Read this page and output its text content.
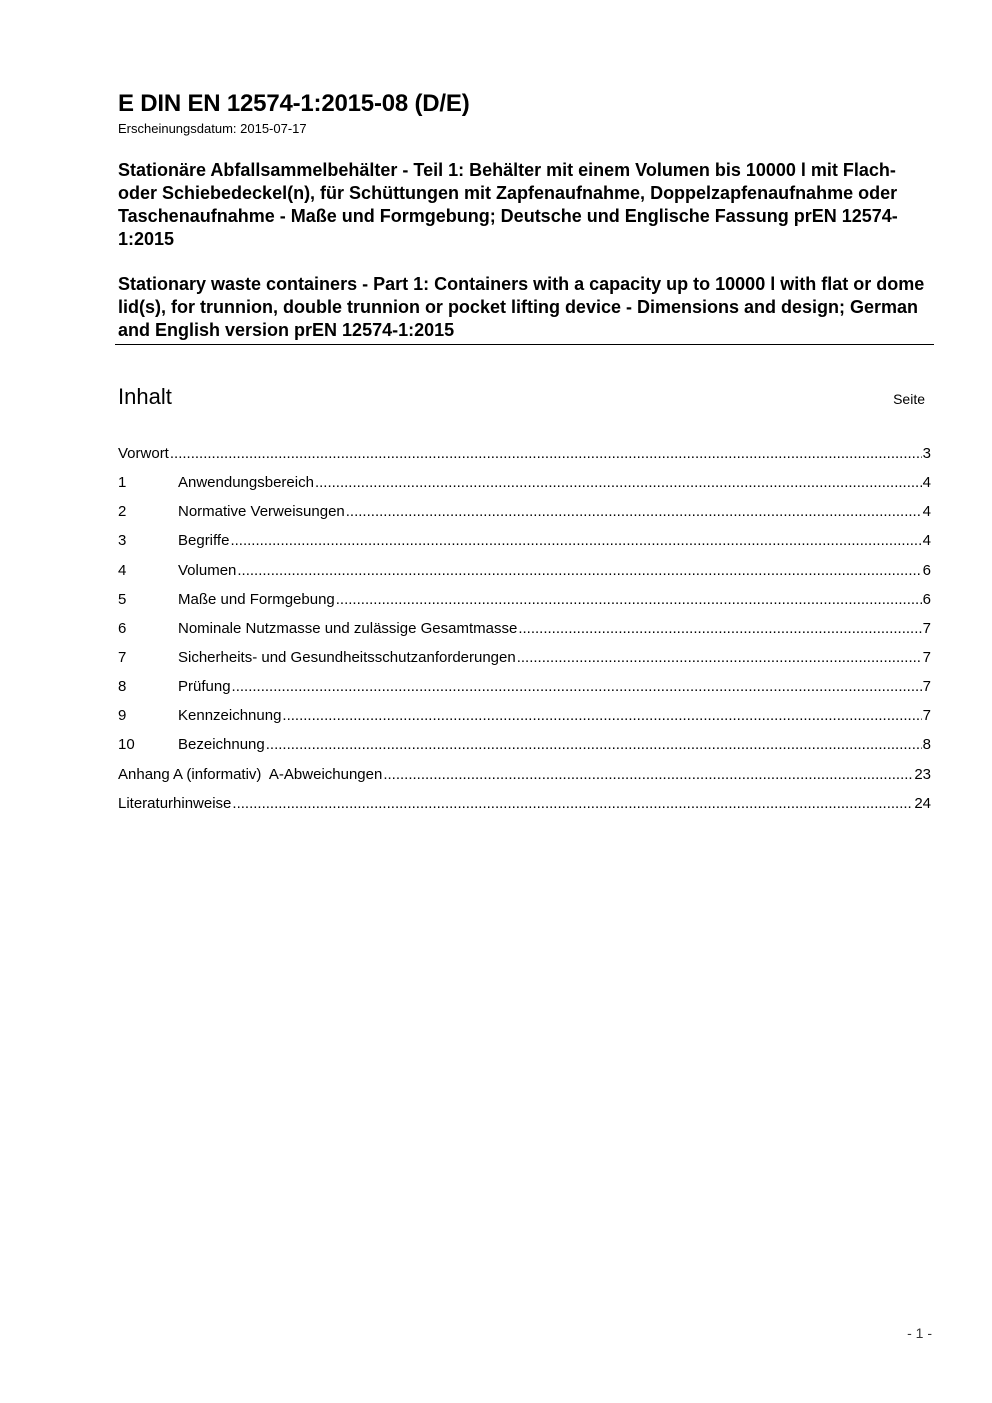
E DIN EN 12574-1:2015-08 (D/E)
Erscheinungsdatum: 2015-07-17
Stationäre Abfallsammelbehälter - Teil 1: Behälter mit einem Volumen bis 10000 l mit Flach- oder Schiebedeckel(n), für Schüttungen mit Zapfenaufnahme, Doppelzapfenaufnahme oder Taschenaufnahme - Maße und Formgebung; Deutsche und Englische Fassung prEN 12574-1:2015
Stationary waste containers - Part 1: Containers with a capacity up to 10000 l with flat or dome lid(s), for trunnion, double trunnion or pocket lifting device - Dimensions and design; German and English version prEN 12574-1:2015
Inhalt	Seite
Vorwort .....	3
1	Anwendungsbereich .....	4
2	Normative Verweisungen .....	4
3	Begriffe .....	4
4	Volumen .....	6
5	Maße und Formgebung .....	6
6	Nominale Nutzmasse und zulässige Gesamtmasse .....	7
7	Sicherheits- und Gesundheitsschutzanforderungen .....	7
8	Prüfung .....	7
9	Kennzeichnung .....	7
10	Bezeichnung .....	8
Anhang A (informativ)  A-Abweichungen .....	23
Literaturhinweise .....	24
- 1 -
